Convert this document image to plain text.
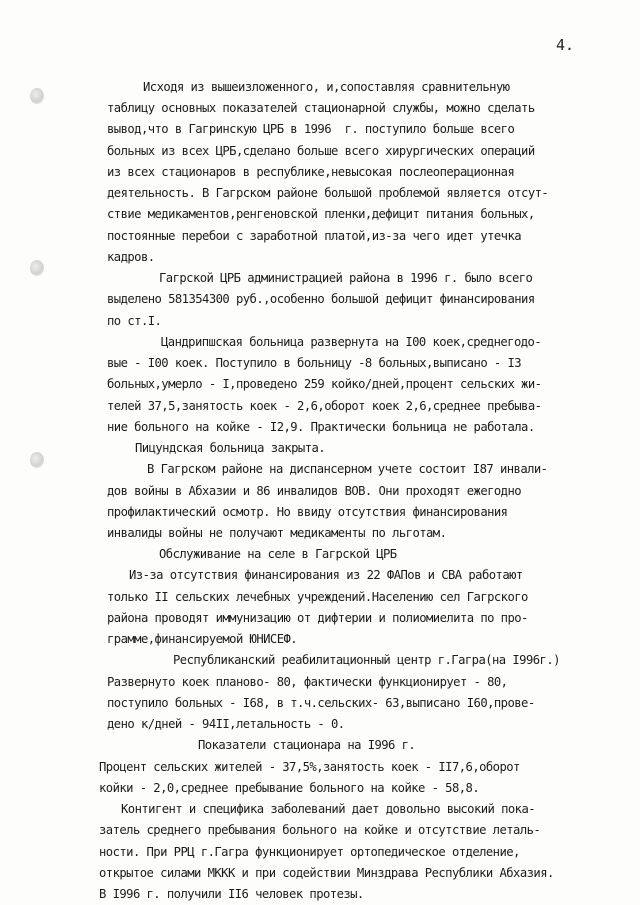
4.
Исходя из вышеизложенного, и,сопоставляя сравнительную
таблицу основных показателей стационарной службы, можно сделать
вывод,что в Гагринскую ЦРБ в 1996  г. поступило больше всего
больных из всех ЦРБ,сделано больше всего хирургических операций
из всех стационаров в республике,невысокая послеоперационная
деятельность. В Гагрском районе большой проблемой является отсут-
ствие медикаментов,ренгеновской пленки,дефицит питания больных,
постоянные перебои с заработной платой,из-за чего идет утечка
кадров.
Гагрской ЦРБ администрацией района в 1996 г. было всего
выделено 581354300 руб.,особенно большой дефицит финансирования
по ст.I.
Цандрипшская больница развернута на I00 коек,среднегодо-
вые - I00 коек. Поступило в больницу -8 больных,выписано - I3
больных,умерло - I,проведено 259 койко/дней,процент сельских жи-
телей 37,5,занятость коек - 2,6,оборот коек 2,6,среднее пребыва-
ние больного на койке - I2,9. Практически больница не работала.
Пицундская больница закрыта.
В Гагрском районе на диспансерном учете состоит I87 инвали-
дов войны в Абхазии и 86 инвалидов ВОВ. Они проходят ежегодно
профилактический осмотр. Но ввиду отсутствия финансирования
инвалиды войны не получают медикаменты по льготам.
Обслуживание на селе в Гагрской ЦРБ
Из-за отсутствия финансирования из 22 ФАПов и СВА работают
только II сельских лечебных учреждений.Населению сел Гагрского
района проводят иммунизацию от дифтерии и полиомиелита по про-
грамме,финансируемой ЮНИСЕФ.
Республиканский реабилитационный центр г.Гагра(на I996г.)
Развернуто коек планово- 80, фактически функционирует - 80,
поступило больных - I68, в т.ч.сельских- 63,выписано I60,прове-
дено к/дней - 94II,летальность - 0.
Показатели стационара на I996 г.
Процент сельских жителей - 37,5%,занятость коек - II7,6,оборот
койки - 2,0,среднее пребывание больного на койке - 58,8.
Контигент и специфика заболеваний дает довольно высокий пока-
затель среднего пребывания больного на койке и отсутствие леталь-
ности. При РРЦ г.Гагра функционирует ортопедическое отделение,
открытое силами МККК и при содействии Минздрава Республики Абхазия.
В I996 г. получили II6 человек протезы.
